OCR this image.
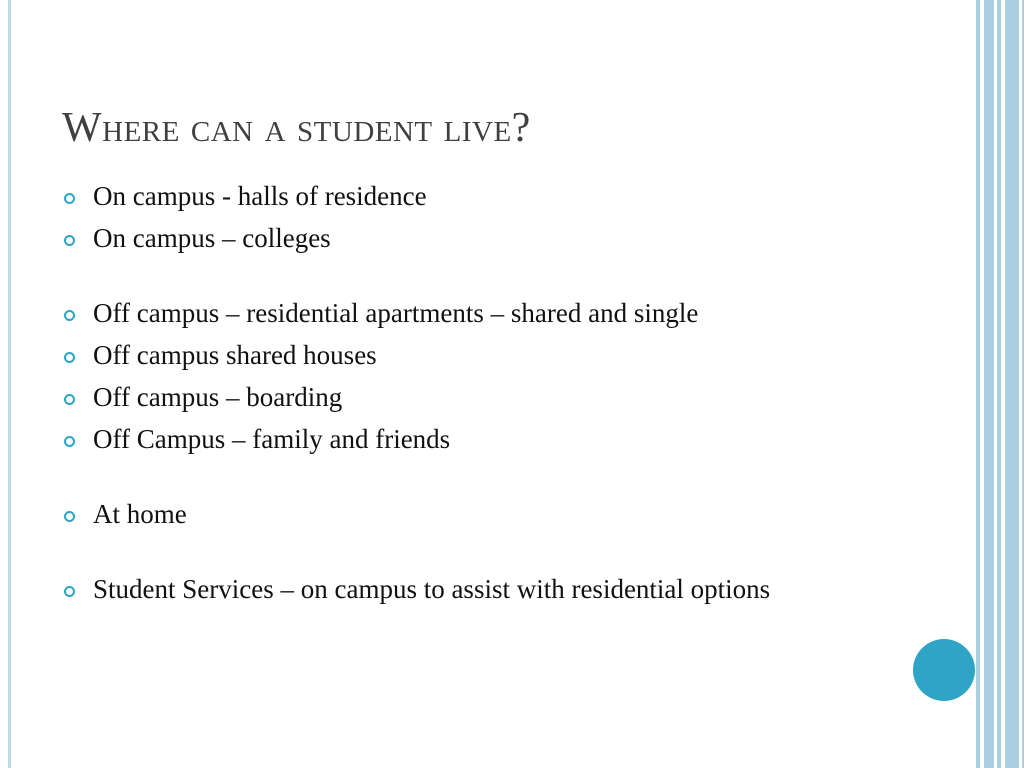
Where can a student live?
On campus - halls of residence
On campus – colleges
Off campus – residential apartments – shared and single
Off campus shared houses
Off campus – boarding
Off Campus – family and friends
At home
Student Services – on campus to assist with residential options
